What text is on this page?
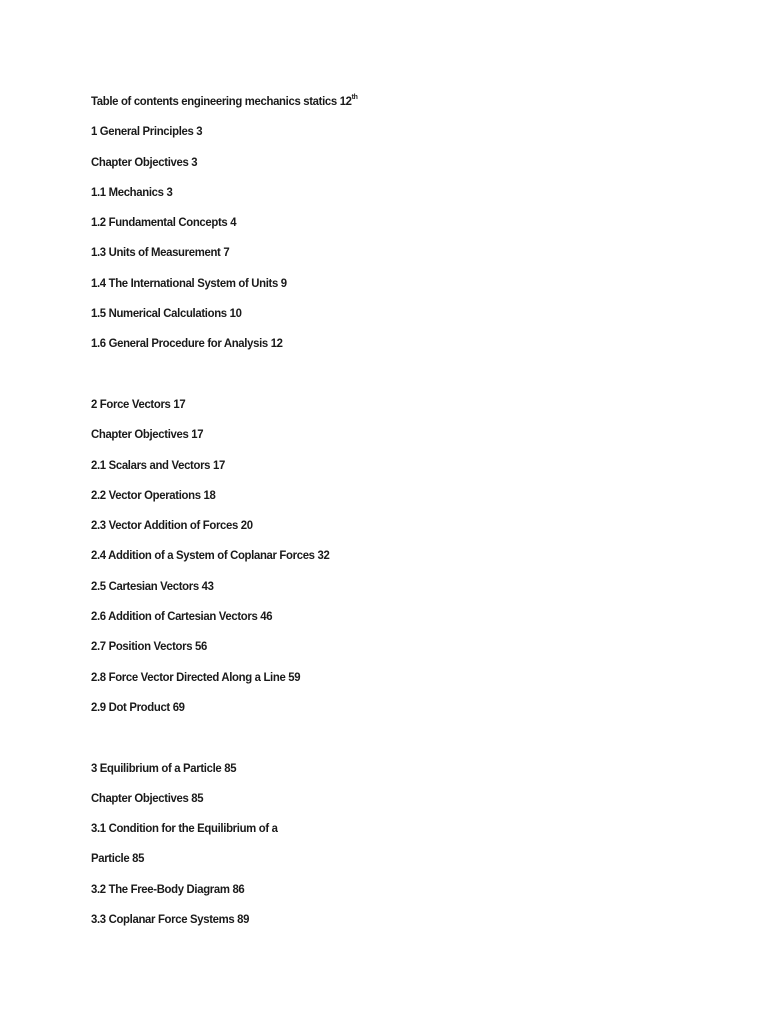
Table of contents engineering mechanics statics 12th
1 General Principles 3
Chapter Objectives 3
1.1 Mechanics 3
1.2 Fundamental Concepts 4
1.3 Units of Measurement 7
1.4 The International System of Units 9
1.5 Numerical Calculations 10
1.6 General Procedure for Analysis 12
2 Force Vectors 17
Chapter Objectives 17
2.1 Scalars and Vectors 17
2.2 Vector Operations 18
2.3 Vector Addition of Forces 20
2.4 Addition of a System of Coplanar Forces 32
2.5 Cartesian Vectors 43
2.6 Addition of Cartesian Vectors 46
2.7 Position Vectors 56
2.8 Force Vector Directed Along a Line 59
2.9 Dot Product 69
3 Equilibrium of a Particle 85
Chapter Objectives 85
3.1 Condition for the Equilibrium of a
Particle 85
3.2 The Free-Body Diagram 86
3.3 Coplanar Force Systems 89
